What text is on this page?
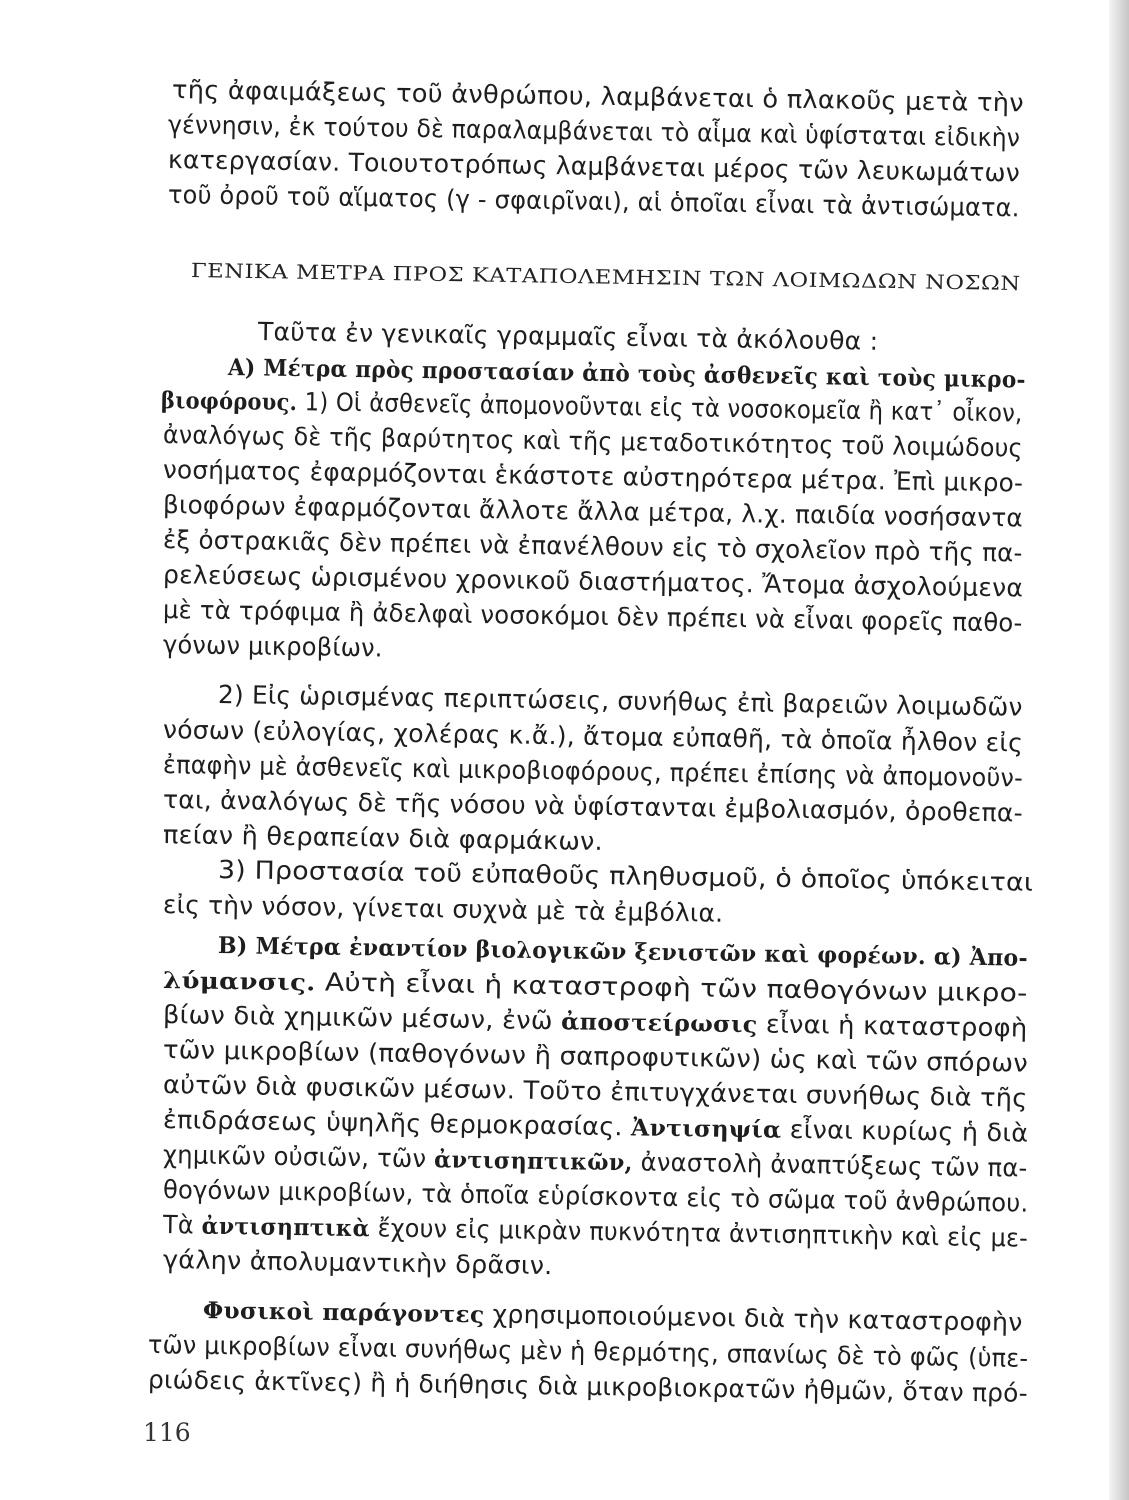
ΓΕΝΙΚΑ ΜΕΤΡΑ ΠΡΟΣ ΚΑΤΑΠΟΛΕΜΗΣΙΝ ΤΩΝ ΛΟΙΜΩΔΩΝ ΝΟΣΩΝ
τῆς ἀφαιμάξεως τοῦ ἀνθρώπου, λαμβάνεται ὁ πλακοῦς μετὰ τὴν
γέννησιν, ἐκ τούτου δὲ παραλαμβάνεται τὸ αἷμα καὶ ὑφίσταται εἰδικὴν
κατεργασίαν. Τοιουτοτρόπως λαμβάνεται μέρος τῶν λευκωμάτων
τοῦ ὀροῦ τοῦ αἵματος (γ - σφαιρῖναι), αἱ ὁποῖαι εἶναι τὰ ἀντισώματα.
Ταῦτα ἐν γενικαῖς γραμμαῖς εἶναι τὰ ἀκόλουθα :
Α) Μέτρα πρὸς προστασίαν ἀπὸ τοὺς ἀσθενεῖς καὶ τοὺς μικρο-
βιοφόρους. 1) Οἱ ἀσθενεῖς ἀπομονοῦνται εἰς τὰ νοσοκομεῖα ἢ κατ᾽ οἶκον,
ἀναλόγως δὲ τῆς βαρύτητος καὶ τῆς μεταδοτικότητος τοῦ λοιμώδους
νοσήματος ἐφαρμόζονται ἑκάστοτε αὐστηρότερα μέτρα. Ἐπὶ μικρο-
βιοφόρων ἐφαρμόζονται ἄλλοτε ἄλλα μέτρα, λ.χ. παιδία νοσήσαντα
ἐξ ὀστρακιᾶς δὲν πρέπει νὰ ἐπανέλθουν εἰς τὸ σχολεῖον πρὸ τῆς πα-
ρελεύσεως ὡρισμένου χρονικοῦ διαστήματος. Ἄτομα ἀσχολούμενα
μὲ τὰ τρόφιμα ἢ ἀδελφαὶ νοσοκόμοι δὲν πρέπει νὰ εἶναι φορεῖς παθο-
γόνων μικροβίων.
2) Εἰς ὡρισμένας περιπτώσεις, συνήθως ἐπὶ βαρειῶν λοιμωδῶν
νόσων (εὐλογίας, χολέρας κ.ἄ.), ἄτομα εὐπαθῆ, τὰ ὁποῖα ἦλθον εἰς
ἐπαφὴν μὲ ἀσθενεῖς καὶ μικροβιοφόρους, πρέπει ἐπίσης νὰ ἀπομονοῦν-
ται, ἀναλόγως δὲ τῆς νόσου νὰ ὑφίστανται ἐμβολιασμόν, ὀροθεπα-
πείαν ἢ θεραπείαν διὰ φαρμάκων.
3) Προστασία τοῦ εὐπαθοῦς πληθυσμοῦ, ὁ ὁποῖος ὑπόκειται
εἰς τὴν νόσον, γίνεται συχνὰ μὲ τὰ ἐμβόλια.
Β) Μέτρα ἐναντίον βιολογικῶν ξενιστῶν καὶ φορέων. α) Ἀπο-
λύμανσις. Αὐτὴ εἶναι ἡ καταστροφὴ τῶν παθογόνων μικρο-
βίων διὰ χημικῶν μέσων, ἐνῶ ἀποστείρωσις εἶναι ἡ καταστροφὴ
τῶν μικροβίων (παθογόνων ἢ σαπροφυτικῶν) ὡς καὶ τῶν σπόρων
αὐτῶν διὰ φυσικῶν μέσων. Τοῦτο ἐπιτυγχάνεται συνήθως διὰ τῆς
ἐπιδράσεως ὑψηλῆς θερμοκρασίας. Ἀντισηψία εἶναι κυρίως ἡ διὰ
χημικῶν οὐσιῶν, τῶν ἀντισηπτικῶν, ἀναστολὴ ἀναπτύξεως τῶν πα-
θογόνων μικροβίων, τὰ ὁποῖα εὑρίσκοντα εἰς τὸ σῶμα τοῦ ἀνθρώπου.
Τὰ ἀντισηπτικὰ ἔχουν εἰς μικρὰν πυκνότητα ἀντισηπτικὴν καὶ εἰς με-
γάλην ἀπολυμαντικὴν δρᾶσιν.
Φυσικοὶ παράγοντες χρησιμοποιούμενοι διὰ τὴν καταστροφὴν
τῶν μικροβίων εἶναι συνήθως μὲν ἡ θερμότης, σπανίως δὲ τὸ φῶς (ὑπε-
ριώδεις ἀκτῖνες) ἢ ἡ διήθησις διὰ μικροβιοκρατῶν ἠθμῶν, ὅταν πρό-
116
